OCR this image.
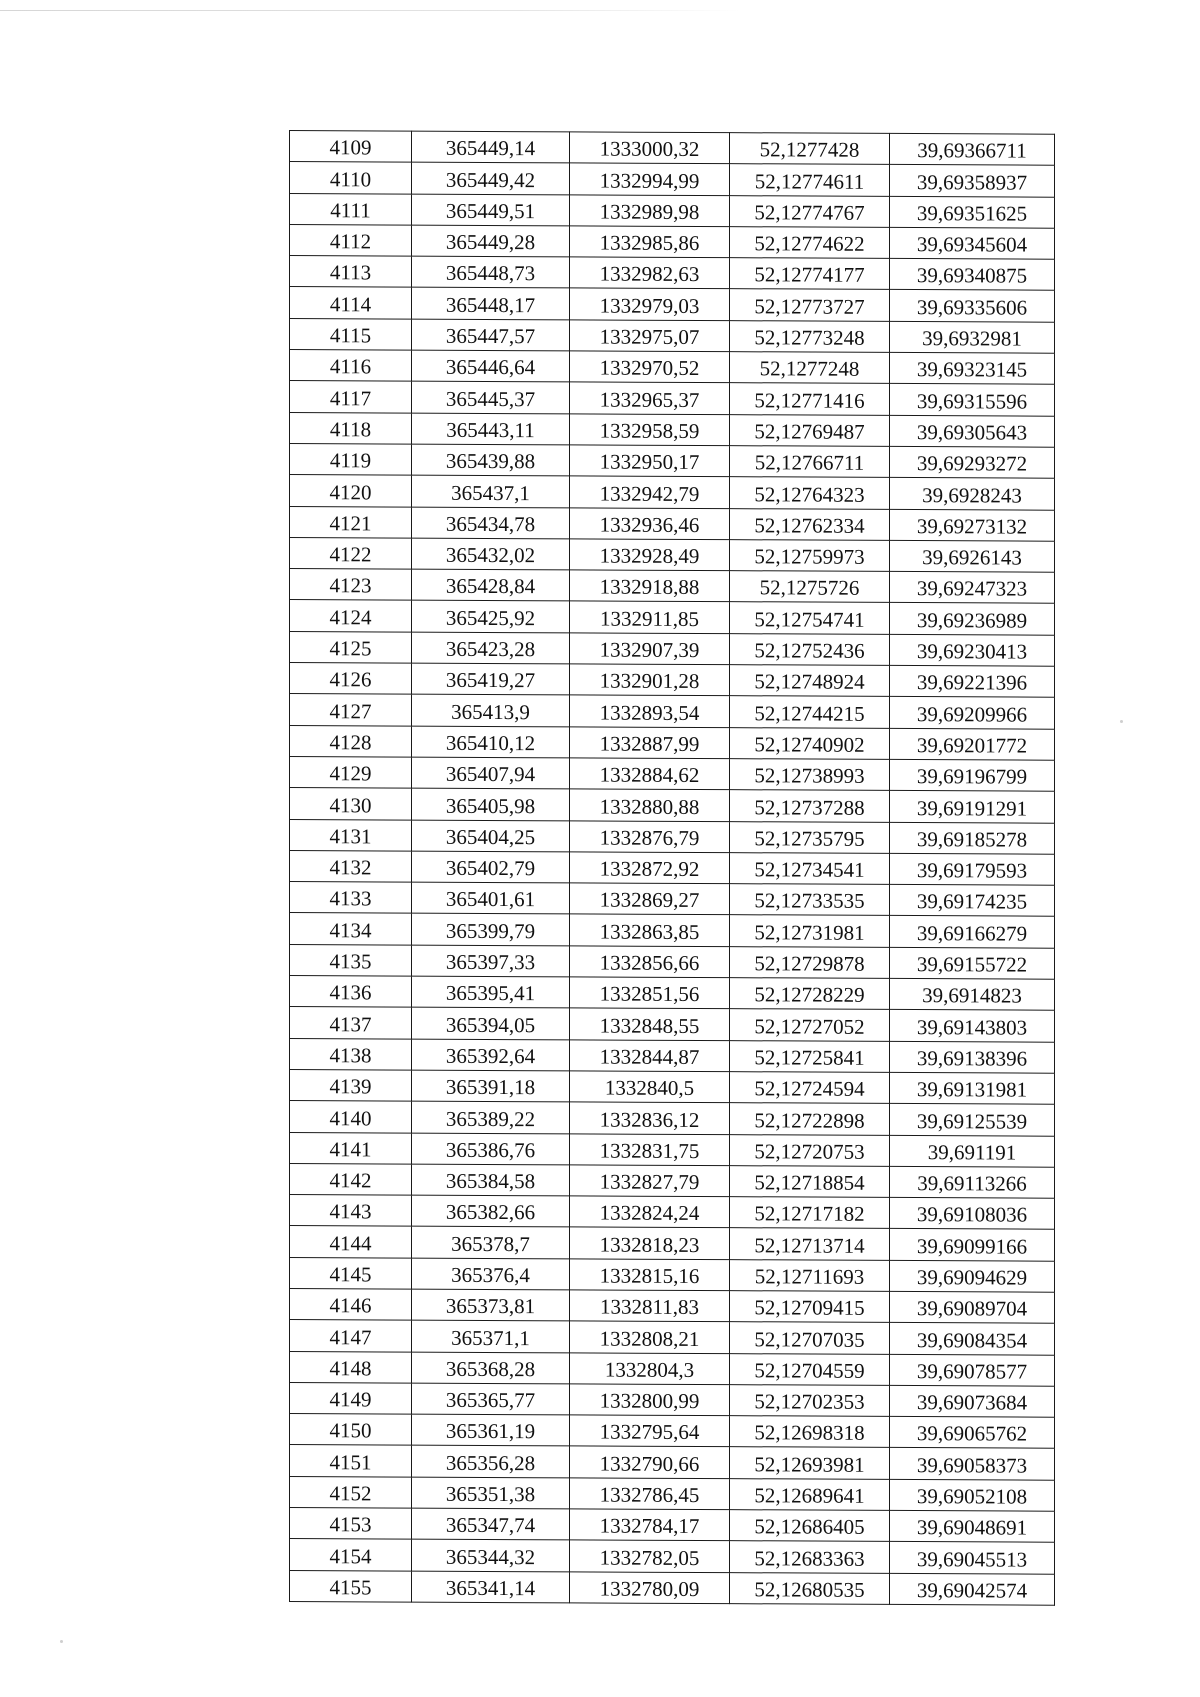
4109	365449,14	1333000,32	52,1277428	39,69366711
4110	365449,42	1332994,99	52,12774611	39,69358937
4111	365449,51	1332989,98	52,12774767	39,69351625
4112	365449,28	1332985,86	52,12774622	39,69345604
4113	365448,73	1332982,63	52,12774177	39,69340875
4114	365448,17	1332979,03	52,12773727	39,69335606
4115	365447,57	1332975,07	52,12773248	39,6932981
4116	365446,64	1332970,52	52,1277248	39,69323145
4117	365445,37	1332965,37	52,12771416	39,69315596
4118	365443,11	1332958,59	52,12769487	39,69305643
4119	365439,88	1332950,17	52,12766711	39,69293272
4120	365437,1	1332942,79	52,12764323	39,6928243
4121	365434,78	1332936,46	52,12762334	39,69273132
4122	365432,02	1332928,49	52,12759973	39,6926143
4123	365428,84	1332918,88	52,1275726	39,69247323
4124	365425,92	1332911,85	52,12754741	39,69236989
4125	365423,28	1332907,39	52,12752436	39,69230413
4126	365419,27	1332901,28	52,12748924	39,69221396
4127	365413,9	1332893,54	52,12744215	39,69209966
4128	365410,12	1332887,99	52,12740902	39,69201772
4129	365407,94	1332884,62	52,12738993	39,69196799
4130	365405,98	1332880,88	52,12737288	39,69191291
4131	365404,25	1332876,79	52,12735795	39,69185278
4132	365402,79	1332872,92	52,12734541	39,69179593
4133	365401,61	1332869,27	52,12733535	39,69174235
4134	365399,79	1332863,85	52,12731981	39,69166279
4135	365397,33	1332856,66	52,12729878	39,69155722
4136	365395,41	1332851,56	52,12728229	39,6914823
4137	365394,05	1332848,55	52,12727052	39,69143803
4138	365392,64	1332844,87	52,12725841	39,69138396
4139	365391,18	1332840,5	52,12724594	39,69131981
4140	365389,22	1332836,12	52,12722898	39,69125539
4141	365386,76	1332831,75	52,12720753	39,691191
4142	365384,58	1332827,79	52,12718854	39,69113266
4143	365382,66	1332824,24	52,12717182	39,69108036
4144	365378,7	1332818,23	52,12713714	39,69099166
4145	365376,4	1332815,16	52,12711693	39,69094629
4146	365373,81	1332811,83	52,12709415	39,69089704
4147	365371,1	1332808,21	52,12707035	39,69084354
4148	365368,28	1332804,3	52,12704559	39,69078577
4149	365365,77	1332800,99	52,12702353	39,69073684
4150	365361,19	1332795,64	52,12698318	39,69065762
4151	365356,28	1332790,66	52,12693981	39,69058373
4152	365351,38	1332786,45	52,12689641	39,69052108
4153	365347,74	1332784,17	52,12686405	39,69048691
4154	365344,32	1332782,05	52,12683363	39,69045513
4155	365341,14	1332780,09	52,12680535	39,69042574
